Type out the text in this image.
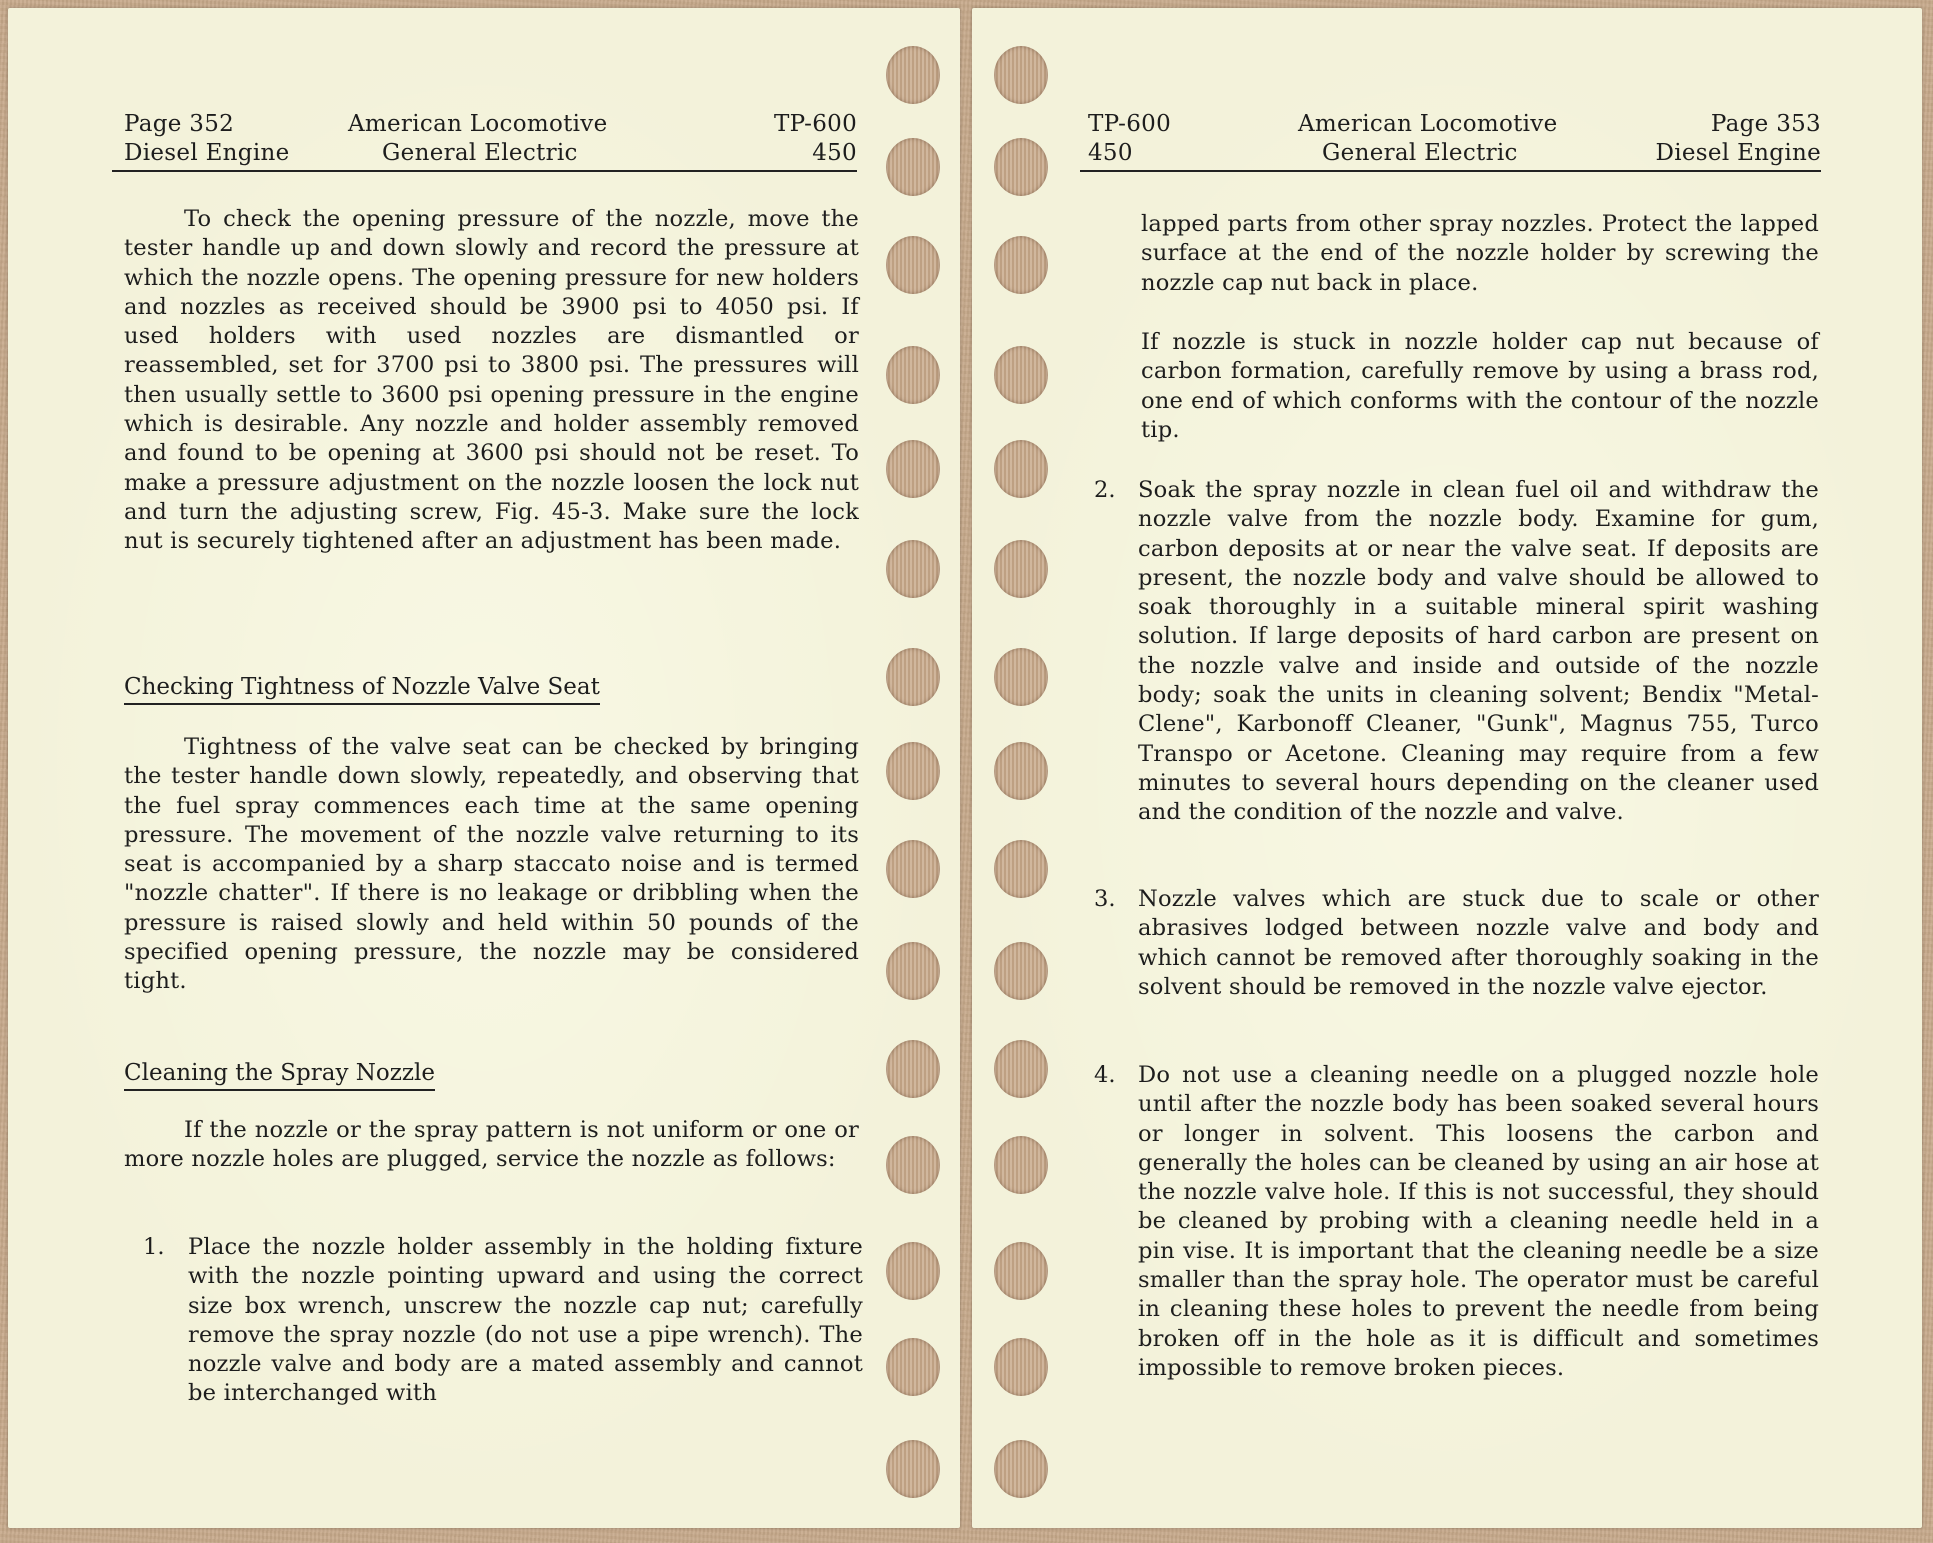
Page 352
Diesel Engine
American Locomotive
General Electric
TP-600
450

To check the opening pressure of the nozzle, move the tester handle up and down slowly and record the pressure at which the nozzle opens. The opening pressure for new holders and nozzles as received should be 3900 psi to 4050 psi. If used holders with used nozzles are dismantled or reassembled, set for 3700 psi to 3800 psi. The pressures will then usually settle to 3600 psi opening pressure in the engine which is desirable. Any nozzle and holder assembly removed and found to be opening at 3600 psi should not be reset. To make a pressure adjustment on the nozzle loosen the lock nut and turn the adjusting screw, Fig. 45-3. Make sure the lock nut is securely tightened after an adjustment has been made.

Checking Tightness of Nozzle Valve Seat

Tightness of the valve seat can be checked by bringing the tester handle down slowly, repeatedly, and observing that the fuel spray commences each time at the same opening pressure. The movement of the nozzle valve returning to its seat is accompanied by a sharp staccato noise and is termed "nozzle chatter". If there is no leakage or dribbling when the pressure is raised slowly and held within 50 pounds of the specified opening pressure, the nozzle may be considered tight.

Cleaning the Spray Nozzle

If the nozzle or the spray pattern is not uniform or one or more nozzle holes are plugged, service the nozzle as follows:

1. Place the nozzle holder assembly in the holding fixture with the nozzle pointing upward and using the correct size box wrench, unscrew the nozzle cap nut; carefully remove the spray nozzle (do not use a pipe wrench). The nozzle valve and body are a mated assembly and cannot be interchanged with
TP-600
450
American Locomotive
General Electric
Page 353
Diesel Engine

lapped parts from other spray nozzles. Protect the lapped surface at the end of the nozzle holder by screwing the nozzle cap nut back in place.

If nozzle is stuck in nozzle holder cap nut because of carbon formation, carefully remove by using a brass rod, one end of which conforms with the contour of the nozzle tip.

2. Soak the spray nozzle in clean fuel oil and withdraw the nozzle valve from the nozzle body. Examine for gum, carbon deposits at or near the valve seat. If deposits are present, the nozzle body and valve should be allowed to soak thoroughly in a suitable mineral spirit washing solution. If large deposits of hard carbon are present on the nozzle valve and inside and outside of the nozzle body; soak the units in cleaning solvent; Bendix "Metal-Clene", Karbonoff Cleaner, "Gunk", Magnus 755, Turco Transpo or Acetone. Cleaning may require from a few minutes to several hours depending on the cleaner used and the condition of the nozzle and valve.
3. Nozzle valves which are stuck due to scale or other abrasives lodged between nozzle valve and body and which cannot be removed after thoroughly soaking in the solvent should be removed in the nozzle valve ejector.
4. Do not use a cleaning needle on a plugged nozzle hole until after the nozzle body has been soaked several hours or longer in solvent. This loosens the carbon and generally the holes can be cleaned by using an air hose at the nozzle valve hole. If this is not successful, they should be cleaned by probing with a cleaning needle held in a pin vise. It is important that the cleaning needle be a size smaller than the spray hole. The operator must be careful in cleaning these holes to prevent the needle from being broken off in the hole as it is difficult and sometimes impossible to remove broken pieces.
